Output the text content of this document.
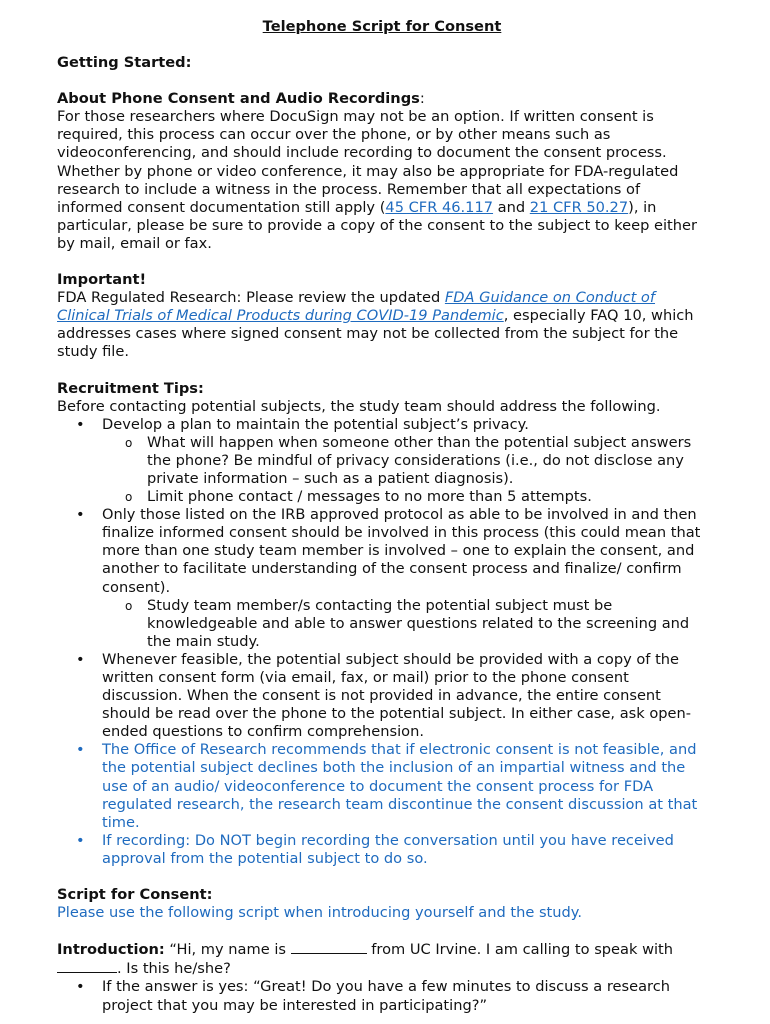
Telephone Script for Consent

Getting Started:

About Phone Consent and Audio Recordings:

For those researchers where DocuSign may not be an option. If written consent is required, this process can occur over the phone, or by other means such as videoconferencing, and should include recording to document the consent process. Whether by phone or video conference, it may also be appropriate for FDA-regulated research to include a witness in the process. Remember that all expectations of informed consent documentation still apply (45 CFR 46.117 and 21 CFR 50.27), in particular, please be sure to provide a copy of the consent to the subject to keep either by mail, email or fax.

Important!

FDA Regulated Research: Please review the updated FDA Guidance on Conduct of Clinical Trials of Medical Products during COVID-19 Pandemic, especially FAQ 10, which addresses cases where signed consent may not be collected from the subject for the study file.

Recruitment Tips:

Before contacting potential subjects, the study team should address the following.

• Develop a plan to maintain the potential subject’s privacy.
o What will happen when someone other than the potential subject answers the phone? Be mindful of privacy considerations (i.e., do not disclose any private information – such as a patient diagnosis).
o Limit phone contact / messages to no more than 5 attempts.
• Only those listed on the IRB approved protocol as able to be involved in and then finalize informed consent should be involved in this process (this could mean that more than one study team member is involved – one to explain the consent, and another to facilitate understanding of the consent process and finalize/ confirm consent).
o Study team member/s contacting the potential subject must be knowledgeable and able to answer questions related to the screening and the main study.
• Whenever feasible, the potential subject should be provided with a copy of the written consent form (via email, fax, or mail) prior to the phone consent discussion. When the consent is not provided in advance, the entire consent should be read over the phone to the potential subject. In either case, ask open-ended questions to confirm comprehension.
• The Office of Research recommends that if electronic consent is not feasible, and the potential subject declines both the inclusion of an impartial witness and the use of an audio/ videoconference to document the consent process for FDA regulated research, the research team discontinue the consent discussion at that time.
• If recording: Do NOT begin recording the conversation until you have received approval from the potential subject to do so.

Script for Consent:

Please use the following script when introducing yourself and the study.

Introduction: “Hi, my name is	from UC Irvine. I am calling to speak with . Is this he/she?

• If the answer is yes: “Great! Do you have a few minutes to discuss a research project that you may be interested in participating?”
